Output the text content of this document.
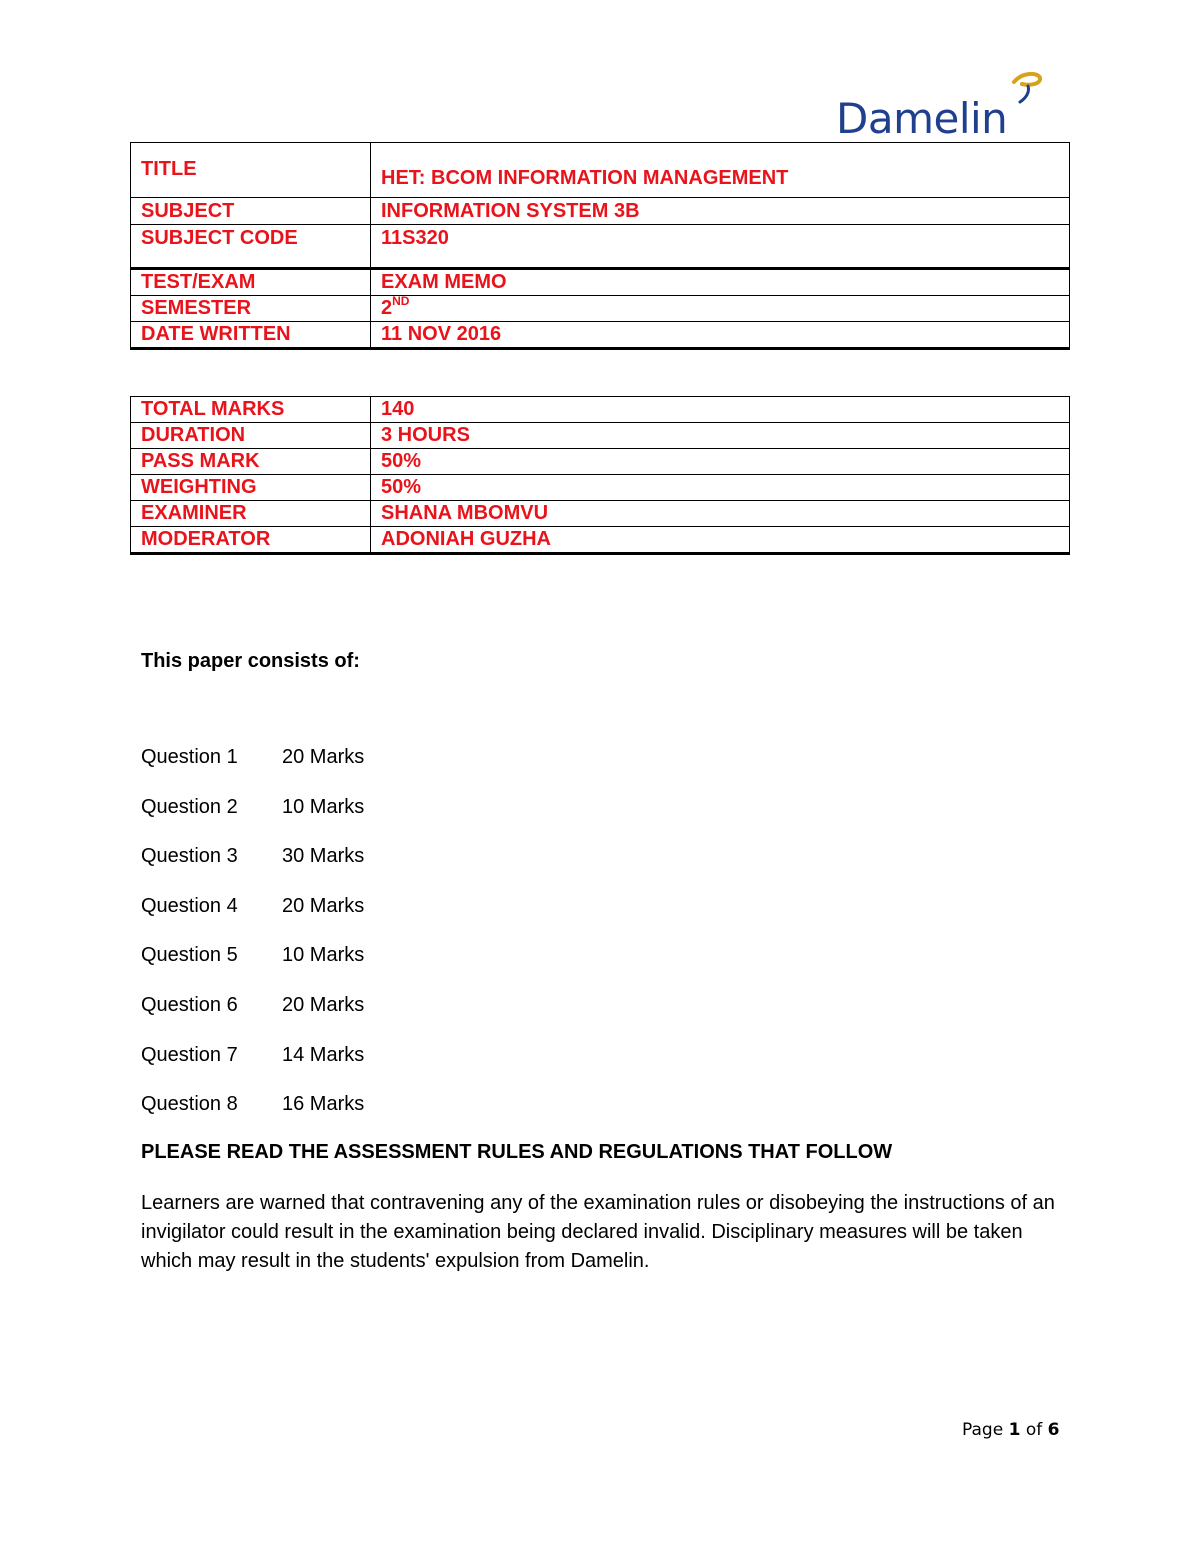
Damelin
TITLE	HET: BCOM INFORMATION MANAGEMENT
SUBJECT	INFORMATION SYSTEM 3B
SUBJECT CODE	11S320
TEST/EXAM	EXAM MEMO
SEMESTER	2ND
DATE WRITTEN	11 NOV 2016
TOTAL MARKS	140
DURATION	3 HOURS
PASS MARK	50%
WEIGHTING	50%
EXAMINER	SHANA MBOMVU
MODERATOR	ADONIAH GUZHA
This paper consists of:
Question 1 20 Marks
Question 2 10 Marks
Question 3 30 Marks
Question 4 20 Marks
Question 5 10 Marks
Question 6 20 Marks
Question 7 14 Marks
Question 8 16 Marks
PLEASE READ THE ASSESSMENT RULES AND REGULATIONS THAT FOLLOW

Learners are warned that contravening any of the examination rules or disobeying the instructions of an invigilator could result in the examination being declared invalid. Disciplinary measures will be taken which may result in the students' expulsion from Damelin.

Page 1 of 6
